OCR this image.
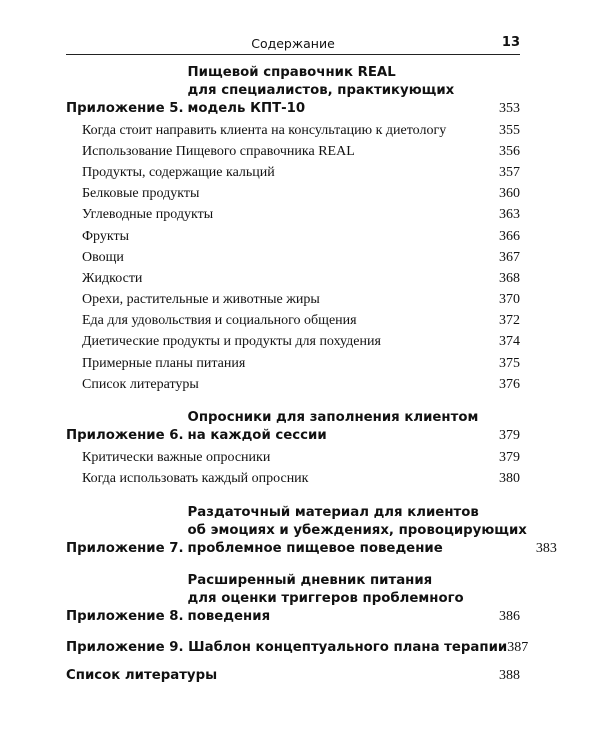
Содержание	13
Приложение 5.
Пищевой справочник REAL
для специалистов, практикующих
модель КПТ-10	353
Когда стоит направить клиента на консультацию к диетологу	355
Использование Пищевого справочника REAL	356
Продукты, содержащие кальций	357
Белковые продукты	360
Углеводные продукты	363
Фрукты	366
Овощи	367
Жидкости	368
Орехи, растительные и животные жиры	370
Еда для удовольствия и социального общения	372
Диетические продукты и продукты для похудения	374
Примерные планы питания	375
Список литературы	376
Приложение 6.
Опросники для заполнения клиентом
на каждой сессии	379
Критически важные опросники	379
Когда использовать каждый опросник	380
Приложение 7.
Раздаточный материал для клиентов
об эмоциях и убеждениях, провоцирующих
проблемное пищевое поведение	383
Приложение 8.
Расширенный дневник питания
для оценки триггеров проблемного
поведения	386
Приложение 9. Шаблон концептуального плана терапии 387
Список литературы	388
